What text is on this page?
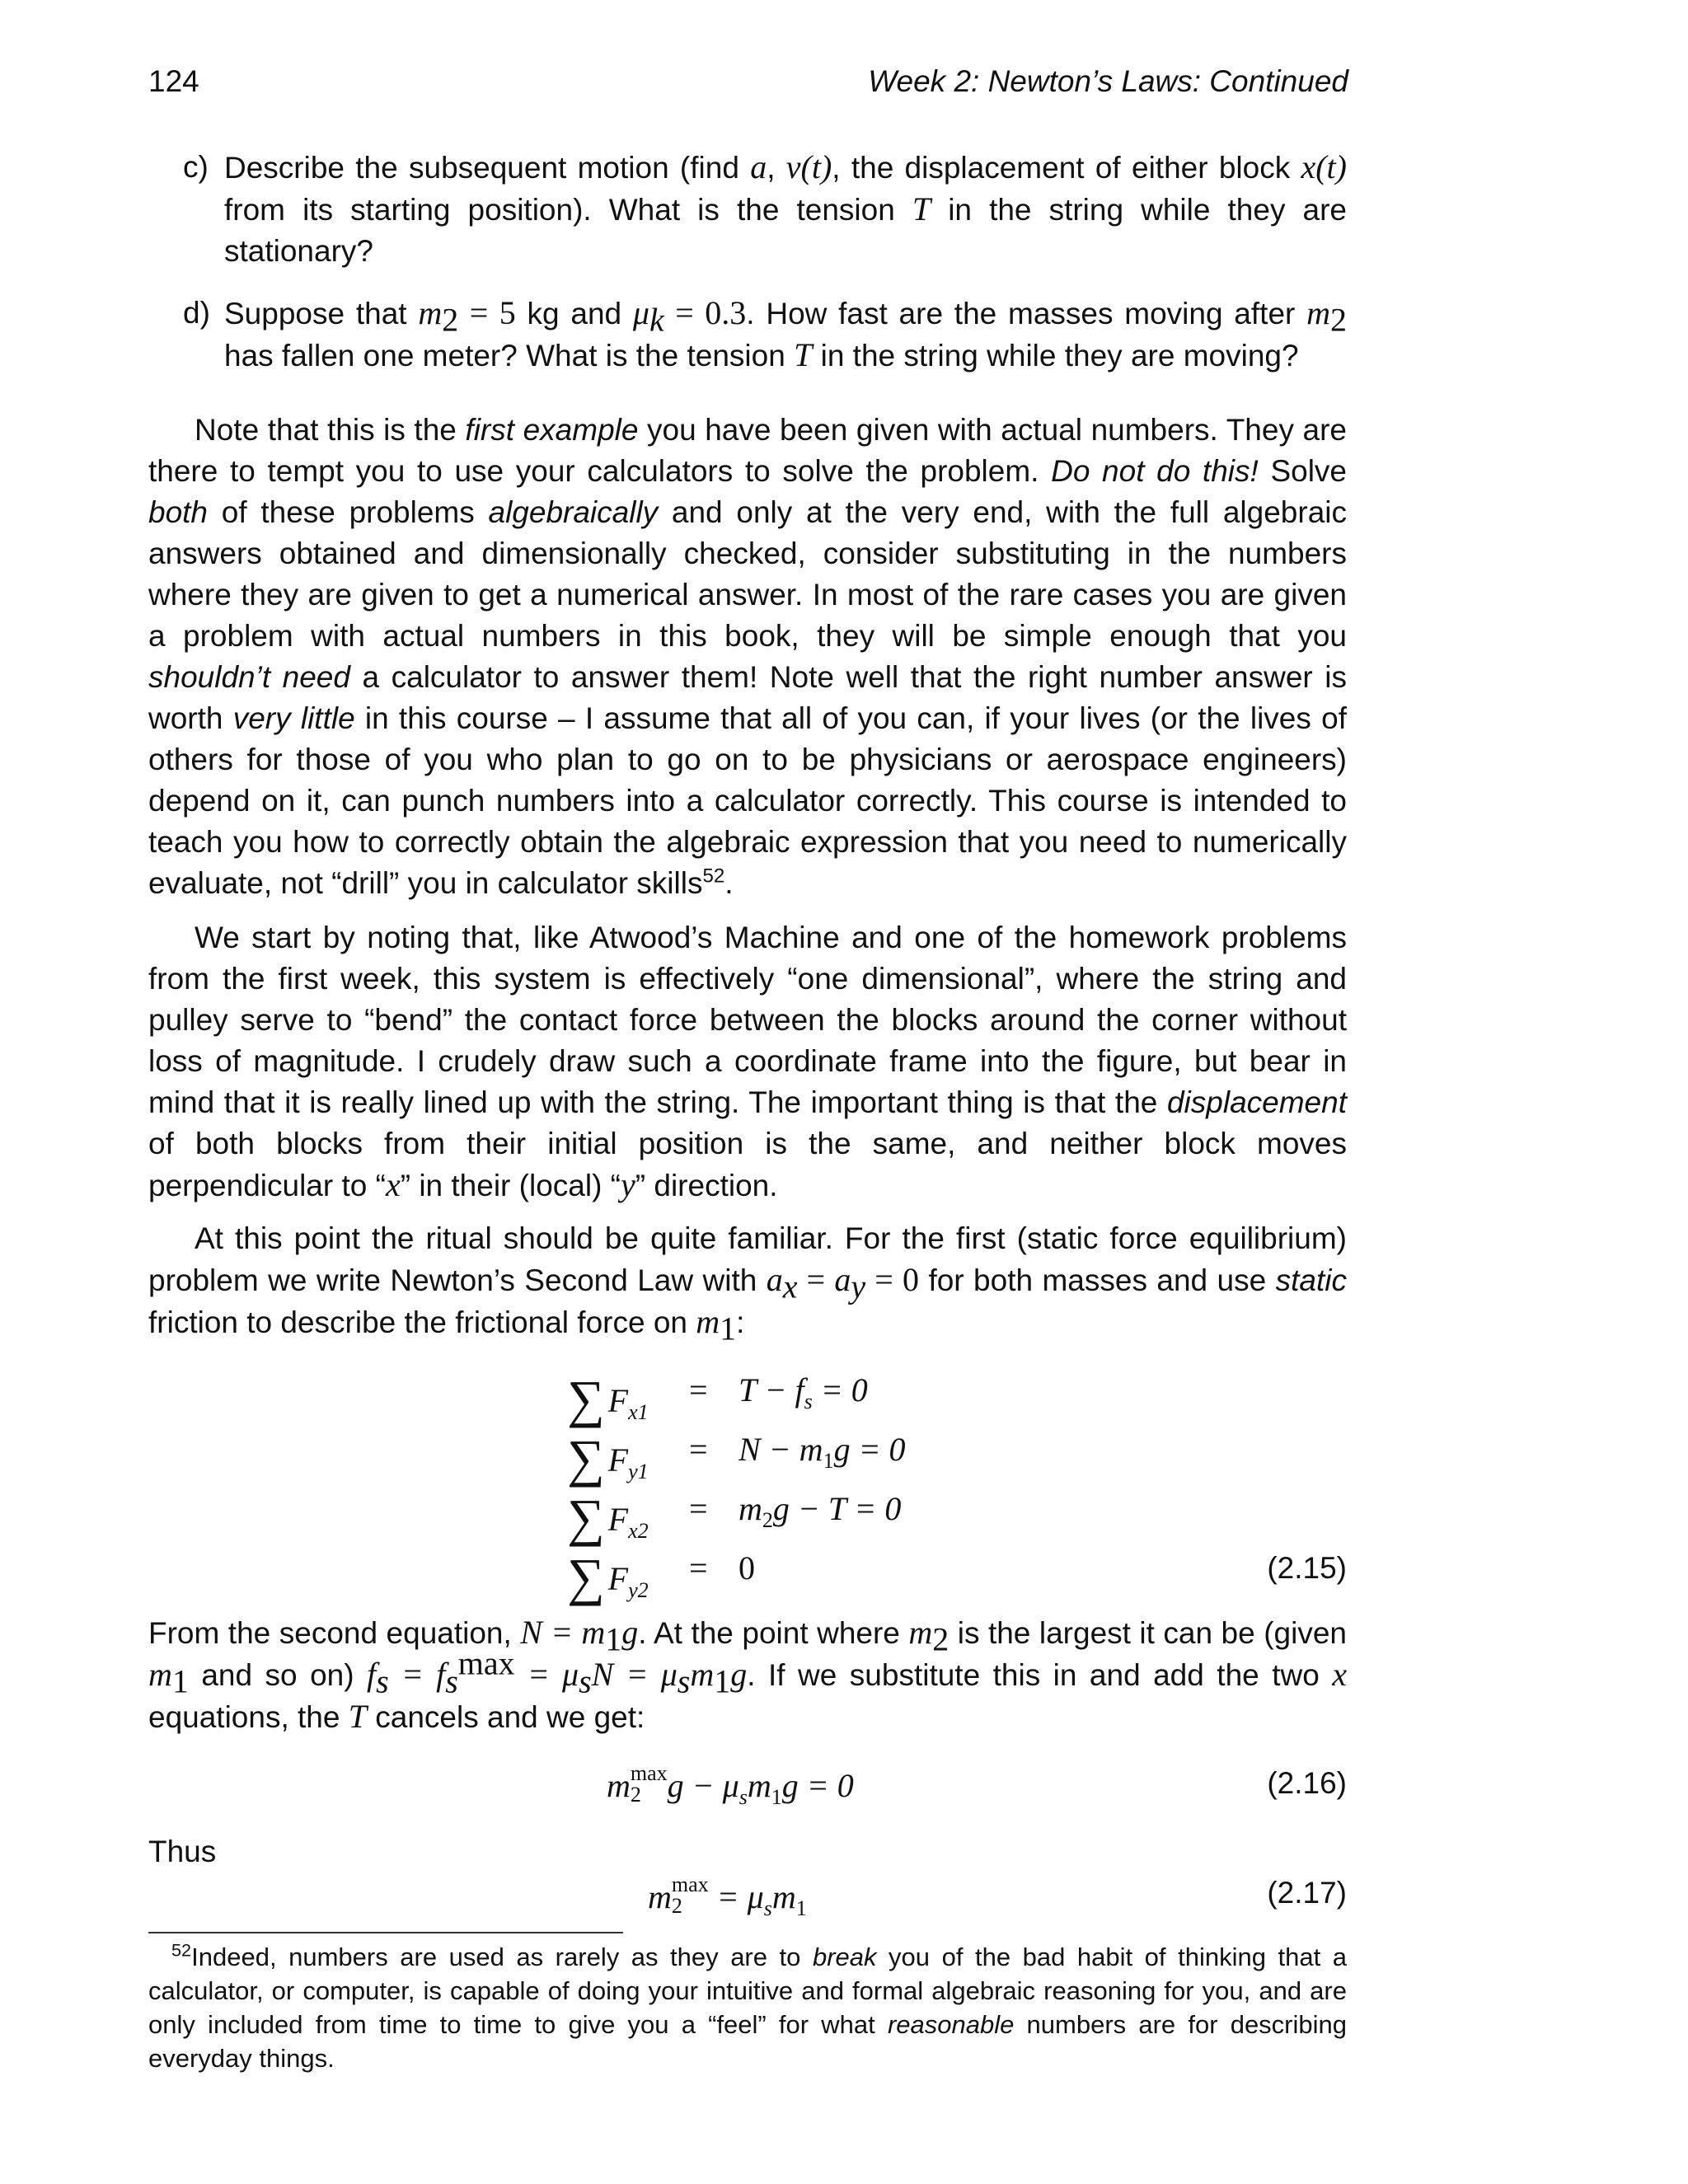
124	Week 2: Newton’s Laws: Continued
c) Describe the subsequent motion (find a, v(t), the displacement of either block x(t) from its starting position). What is the tension T in the string while they are stationary?
d) Suppose that $m_2 = 5$ kg and $\mu_k = 0.3$. How fast are the masses moving after $m_2$ has fallen one meter? What is the tension T in the string while they are moving?
Note that this is the first example you have been given with actual numbers. They are there to tempt you to use your calculators to solve the problem. Do not do this! Solve both of these problems algebraically and only at the very end, with the full algebraic answers obtained and dimensionally checked, consider substituting in the numbers where they are given to get a numerical answer. In most of the rare cases you are given a problem with actual numbers in this book, they will be simple enough that you shouldn’t need a calculator to answer them! Note well that the right number answer is worth very little in this course – I assume that all of you can, if your lives (or the lives of others for those of you who plan to go on to be physicians or aerospace engineers) depend on it, can punch numbers into a calculator correctly. This course is intended to teach you how to correctly obtain the algebraic expression that you need to numerically evaluate, not “drill” you in calculator skills$^{52}$.
We start by noting that, like Atwood’s Machine and one of the homework problems from the first week, this system is effectively “one dimensional”, where the string and pulley serve to “bend” the contact force between the blocks around the corner without loss of magnitude. I crudely draw such a coordinate frame into the figure, but bear in mind that it is really lined up with the string. The important thing is that the displacement of both blocks from their initial position is the same, and neither block moves perpendicular to “x” in their (local) “y” direction.
At this point the ritual should be quite familiar. For the first (static force equilibrium) problem we write Newton’s Second Law with $a_x = a_y = 0$ for both masses and use static friction to describe the frictional force on $m_1$:
∑ $F_{x1}$
= $T - f_s = 0$
∑ $F_{y1}$
= $N - m_1g = 0$
∑ $F_{x2}$
= $m_2g - T = 0$
∑ $F_{y2}$
= 0	(2.15)
From the second equation, $N = m_1g$. At the point where $m_2$ is the largest it can be (given $m_1$ and so on) $f_s = f_s^{max} = \mu_sN = \mu_sm_1g$. If we substitute this in and add the two x equations, the T cancels and we get:
m max
2 $g - \mu_sm_1g = 0$	(2.16)
Thus
m max
$2 = \mu_sm_1$	(2.17)
$^{52}$Indeed, numbers are used as rarely as they are to break you of the bad habit of thinking that a calculator, or computer, is capable of doing your intuitive and formal algebraic reasoning for you, and are only included from time to time to give you a “feel” for what reasonable numbers are for describing everyday things.
